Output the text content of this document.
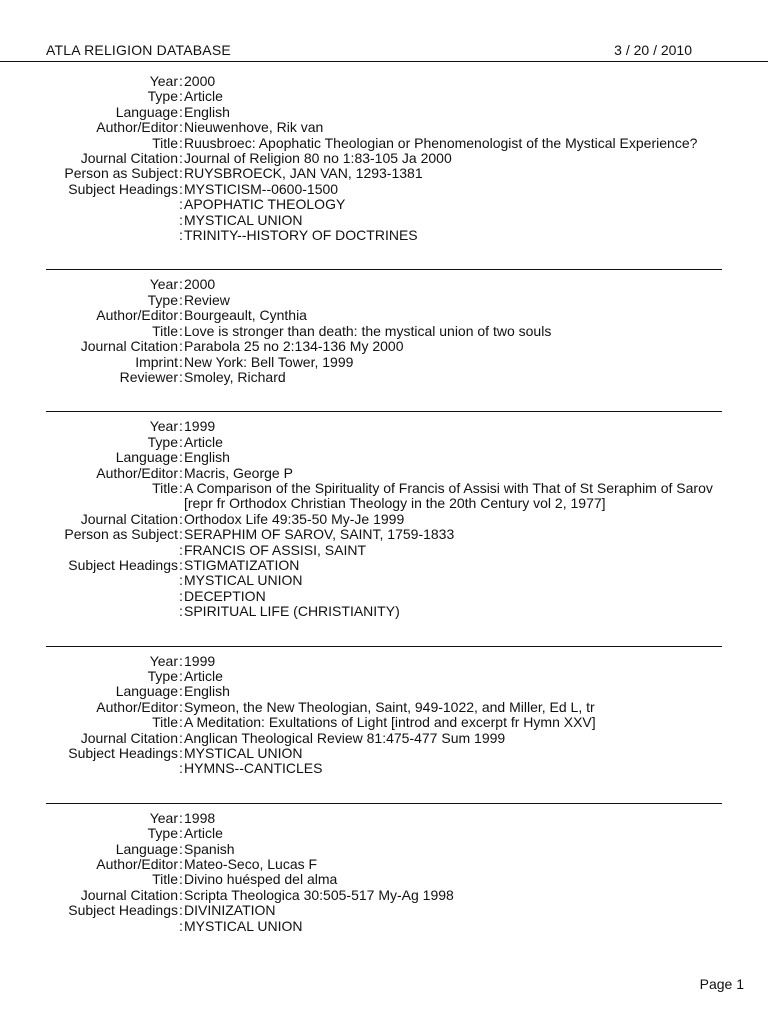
ATLA RELIGION DATABASE	3 / 20 / 2010
Year : 2000
Type : Article
Language : English
Author/Editor : Nieuwenhove, Rik van
Title : Ruusbroec: Apophatic Theologian or Phenomenologist of the Mystical Experience?
Journal Citation : Journal of Religion 80 no 1:83-105 Ja 2000
Person as Subject : RUYSBROECK, JAN VAN, 1293-1381
Subject Headings : MYSTICISM--0600-1500
: APOPHATIC THEOLOGY
: MYSTICAL UNION
: TRINITY--HISTORY OF DOCTRINES
Year : 2000
Type : Review
Author/Editor : Bourgeault, Cynthia
Title : Love is stronger than death: the mystical union of two souls
Journal Citation : Parabola 25 no 2:134-136 My 2000
Imprint : New York: Bell Tower, 1999
Reviewer : Smoley, Richard
Year : 1999
Type : Article
Language : English
Author/Editor : Macris, George P
Title : A Comparison of the Spirituality of Francis of Assisi with That of St Seraphim of Sarov [repr fr Orthodox Christian Theology in the 20th Century vol 2, 1977]
Journal Citation : Orthodox Life 49:35-50 My-Je 1999
Person as Subject : SERAPHIM OF SAROV, SAINT, 1759-1833
: FRANCIS OF ASSISI, SAINT
Subject Headings : STIGMATIZATION
: MYSTICAL UNION
: DECEPTION
: SPIRITUAL LIFE (CHRISTIANITY)
Year : 1999
Type : Article
Language : English
Author/Editor : Symeon, the New Theologian, Saint, 949-1022, and Miller, Ed L, tr
Title : A Meditation: Exultations of Light [introd and excerpt fr Hymn XXV]
Journal Citation : Anglican Theological Review 81:475-477 Sum 1999
Subject Headings : MYSTICAL UNION
: HYMNS--CANTICLES
Year : 1998
Type : Article
Language : Spanish
Author/Editor : Mateo-Seco, Lucas F
Title : Divino huésped del alma
Journal Citation : Scripta Theologica 30:505-517 My-Ag 1998
Subject Headings : DIVINIZATION
: MYSTICAL UNION
Page 1
